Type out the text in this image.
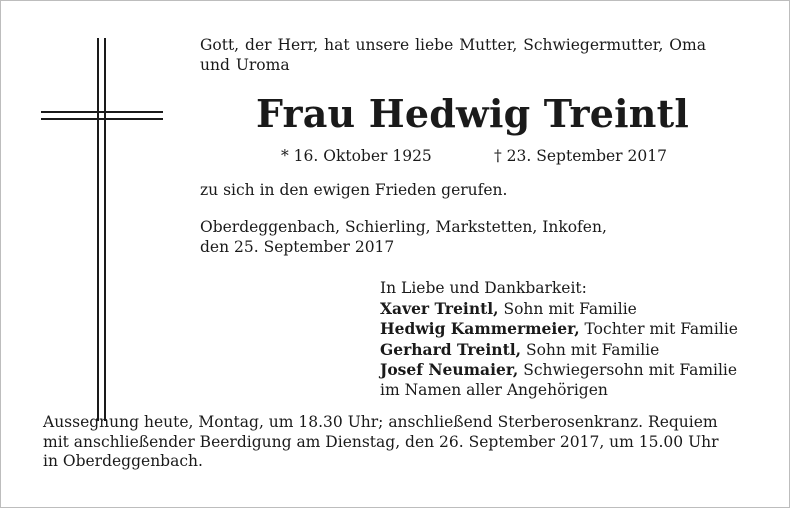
Gott, der Herr, hat unsere liebe Mutter, Schwiegermutter, Oma
und Uroma

Frau Hedwig Treintl
* 16. Oktober 1925	† 23. September 2017

zu sich in den ewigen Frieden gerufen.

Oberdeggenbach, Schierling, Markstetten, Inkofen,
den 25. September 2017

In Liebe und Dankbarkeit:
Xaver Treintl, Sohn mit Familie
Hedwig Kammermeier, Tochter mit Familie
Gerhard Treintl, Sohn mit Familie
Josef Neumaier, Schwiegersohn mit Familie
im Namen aller Angehörigen

Aussegnung heute, Montag, um 18.30 Uhr; anschließend Sterberosenkranz. Requiem
mit anschließender Beerdigung am Dienstag, den 26. September 2017, um 15.00 Uhr
in Oberdeggenbach.
